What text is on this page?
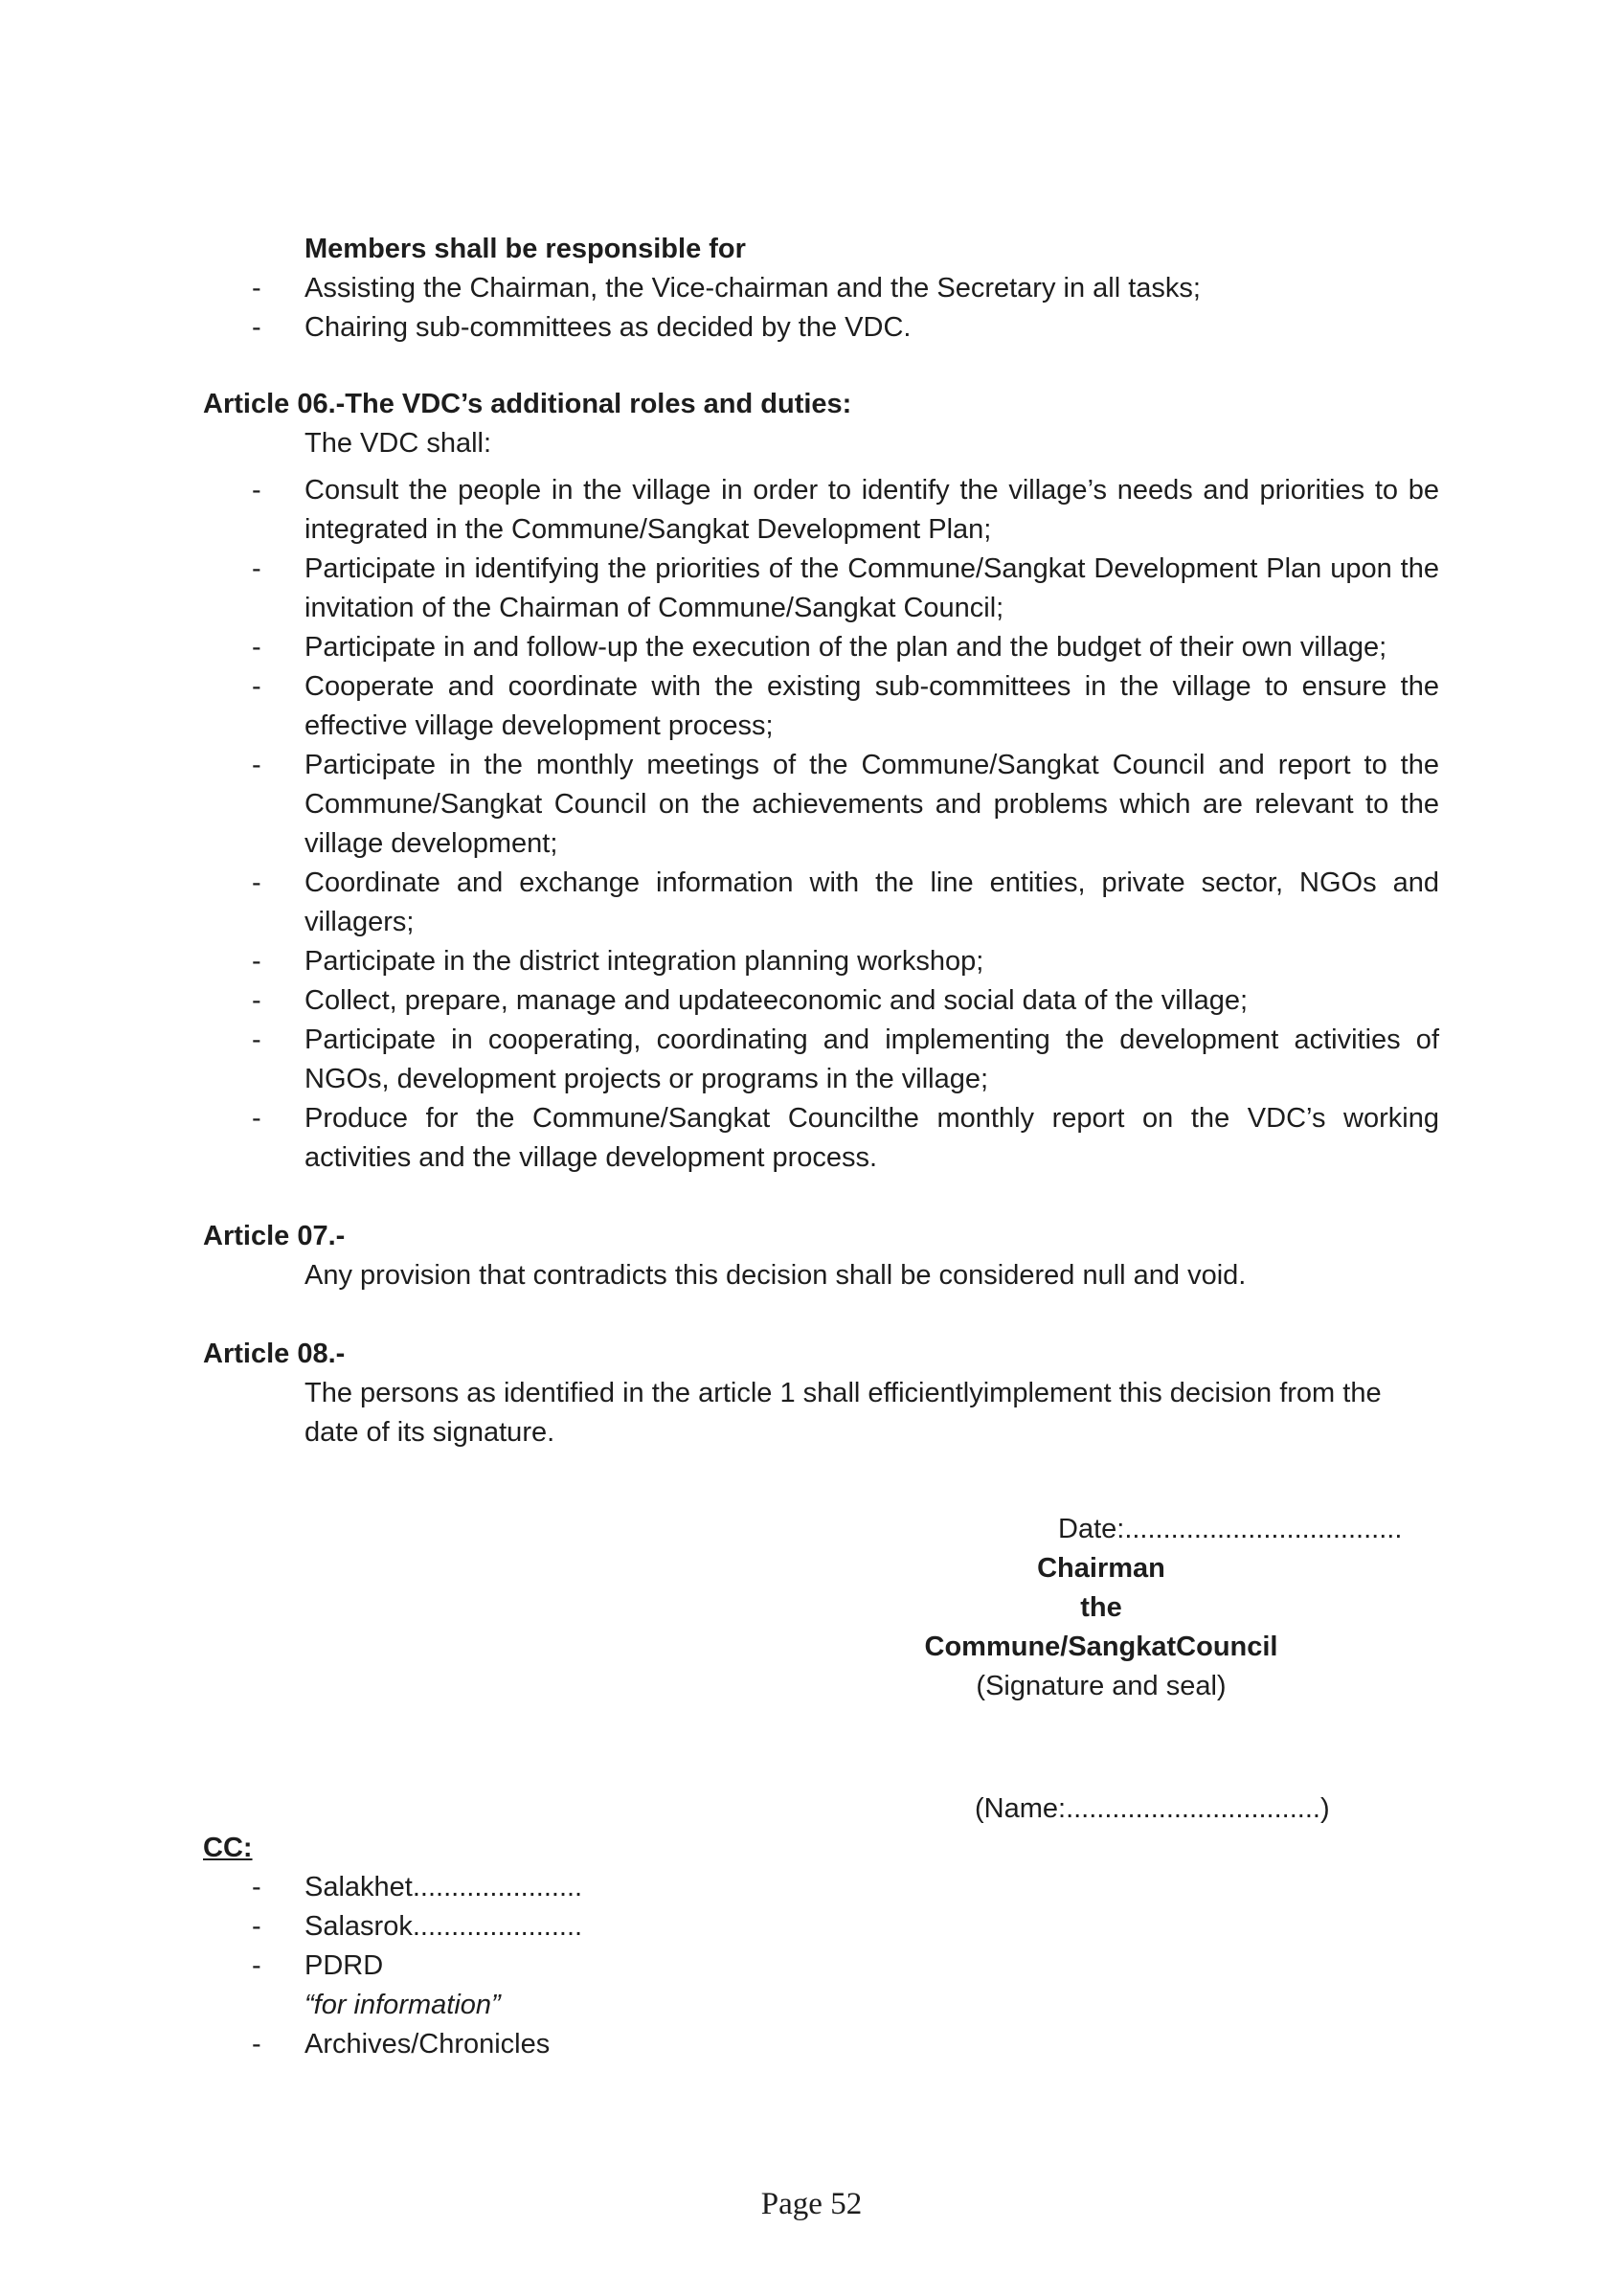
Members shall be responsible for
-	Assisting the Chairman, the Vice-chairman and the Secretary in all tasks;
-	Chairing sub-committees as decided by the VDC.
Article 06.-The VDC’s additional roles and duties:
The VDC shall:
-	Consult the people in the village in order to identify the village’s needs and priorities to be integrated in the Commune/Sangkat Development Plan;
-	Participate in identifying the priorities of the Commune/Sangkat Development Plan upon the invitation of the Chairman of Commune/Sangkat Council;
-	Participate in and follow-up the execution of the plan and the budget of their own village;
-	Cooperate and coordinate with the existing sub-committees in the village to ensure the effective village development process;
-	Participate in the monthly meetings of the Commune/Sangkat Council and report to the Commune/Sangkat Council on the achievements and problems which are relevant to the village development;
-	Coordinate and exchange information with the line entities, private sector, NGOs and villagers;
-	Participate in the district integration planning workshop;
-	Collect, prepare, manage and updateeconomic and social data of the village;
-	Participate in cooperating, coordinating and implementing the development activities of NGOs, development projects or programs in the village;
-	Produce for the Commune/Sangkat Councilthe monthly report on the VDC’s working activities and the village development process.
Article 07.-
Any provision that contradicts this decision shall be considered null and void.
Article 08.-
The persons as identified in the article 1 shall efficientlyimplement this decision from the date of its signature.
Date:....................................
Chairman
the Commune/SangkatCouncil
(Signature and seal)
(Name:.................................)
CC:
-	Salakhet......................
-	Salasrok......................
-	PDRD
“for information”
-	Archives/Chronicles
Page 52
